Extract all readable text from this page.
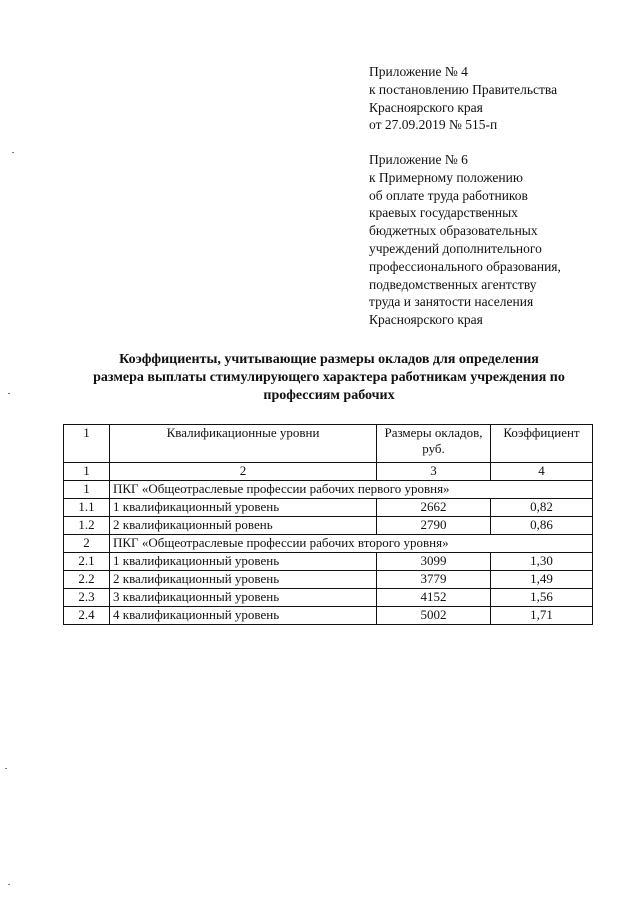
Приложение № 4
к постановлению Правительства
Красноярского края
от 27.09.2019 № 515-п
Приложение № 6
к Примерному положению
об оплате труда работников
краевых государственных
бюджетных образовательных
учреждений дополнительного
профессионального образования,
подведомственных агентству
труда и занятости населения
Красноярского края
Коэффициенты, учитывающие размеры окладов для определения
размера выплаты стимулирующего характера работникам учреждения по
профессиям рабочих
1	Квалификационные уровни	Размеры окладов, руб.	Коэффициент
1	2	3	4
1	ПКГ «Общеотраслевые профессии рабочих первого уровня»		
1.1	1 квалификационный уровень	2662	0,82
1.2	2 квалификационный ровень	2790	0,86
2	ПКГ «Общеотраслевые профессии рабочих второго уровня»		
2.1	1 квалификационный уровень	3099	1,30
2.2	2 квалификационный уровень	3779	1,49
2.3	3 квалификационный уровень	4152	1,56
2.4	4 квалификационный уровень	5002	1,71
